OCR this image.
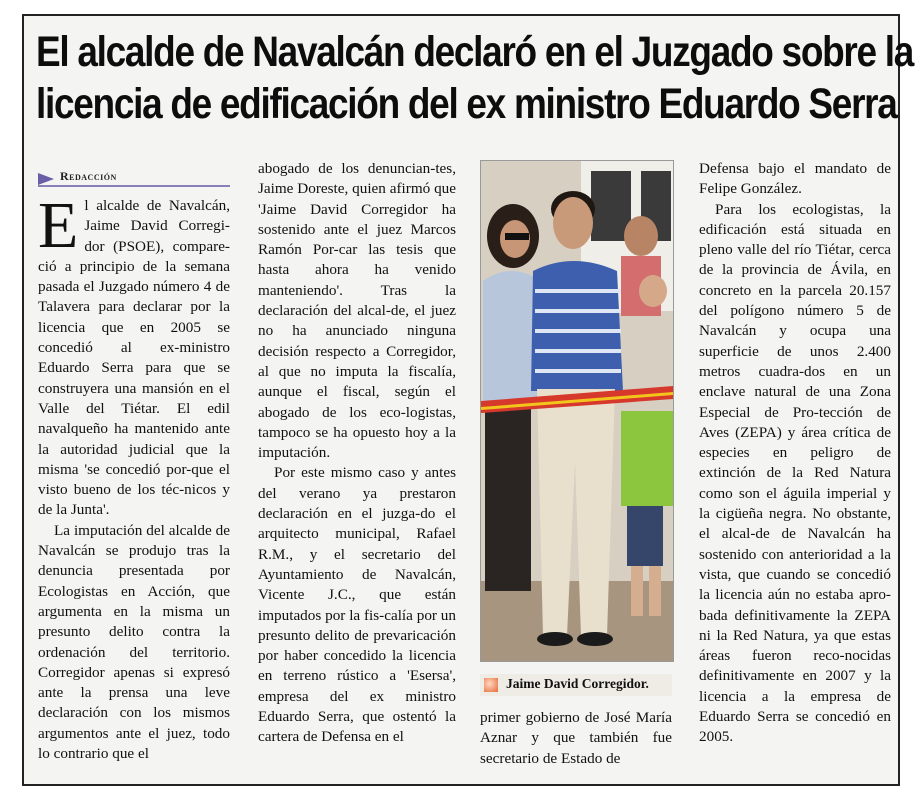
El alcalde de Navalcán declaró en el Juzgado sobre la
licencia de edificación del ex ministro Eduardo Serra
Redacción

El alcalde de Navalcán, Jaime David Corregi-dor (PSOE), compare-ció a principio de la semana pasada el Juzgado número 4 de Talavera para declarar por la licencia que en 2005 se concedió al ex-ministro Eduardo Serra para que se construyera una mansión en el Valle del Tiétar. El edil navalqueño ha mantenido ante la autoridad judicial que la misma 'se concedió por-que el visto bueno de los téc-nicos y de la Junta'.

La imputación del alcalde de Navalcán se produjo tras la denuncia presentada por Ecologistas en Acción, que argumenta en la misma un presunto delito contra la ordenación del territorio. Corregidor apenas si expresó ante la prensa una leve declaración con los mismos argumentos ante el juez, todo lo contrario que el

abogado de los denuncian-tes, Jaime Doreste, quien afirmó que 'Jaime David Corregidor ha sostenido ante el juez Marcos Ramón Por-car las tesis que hasta ahora ha venido manteniendo'. Tras la declaración del alcal-de, el juez no ha anunciado ninguna decisión respecto a Corregidor, al que no imputa la fiscalía, aunque el fiscal, según el abogado de los eco-logistas, tampoco se ha opuesto hoy a la imputación.

Por este mismo caso y antes del verano ya prestaron declaración en el juzga-do el arquitecto municipal, Rafael R.M., y el secretario del Ayuntamiento de Navalcán, Vicente J.C., que están imputados por la fis-calía por un presunto delito de prevaricación por haber concedido la licencia en terreno rústico a 'Esersa', empresa del ex ministro Eduardo Serra, que ostentó la cartera de Defensa en el

Jaime David Corregidor.

primer gobierno de José María Aznar y que también fue secretario de Estado de

Defensa bajo el mandato de Felipe González.

Para los ecologistas, la edificación está situada en pleno valle del río Tiétar, cerca de la provincia de Ávila, en concreto en la parcela 20.157 del polígono número 5 de Navalcán y ocupa una superficie de unos 2.400 metros cuadra-dos en un enclave natural de una Zona Especial de Pro-tección de Aves (ZEPA) y área crítica de especies en peligro de extinción de la Red Natura como son el águila imperial y la cigüeña negra. No obstante, el alcal-de de Navalcán ha sostenido con anterioridad a la vista, que cuando se concedió la licencia aún no estaba apro-bada definitivamente la ZEPA ni la Red Natura, ya que estas áreas fueron reco-nocidas definitivamente en 2007 y la licencia a la empresa de Eduardo Serra se concedió en 2005.
